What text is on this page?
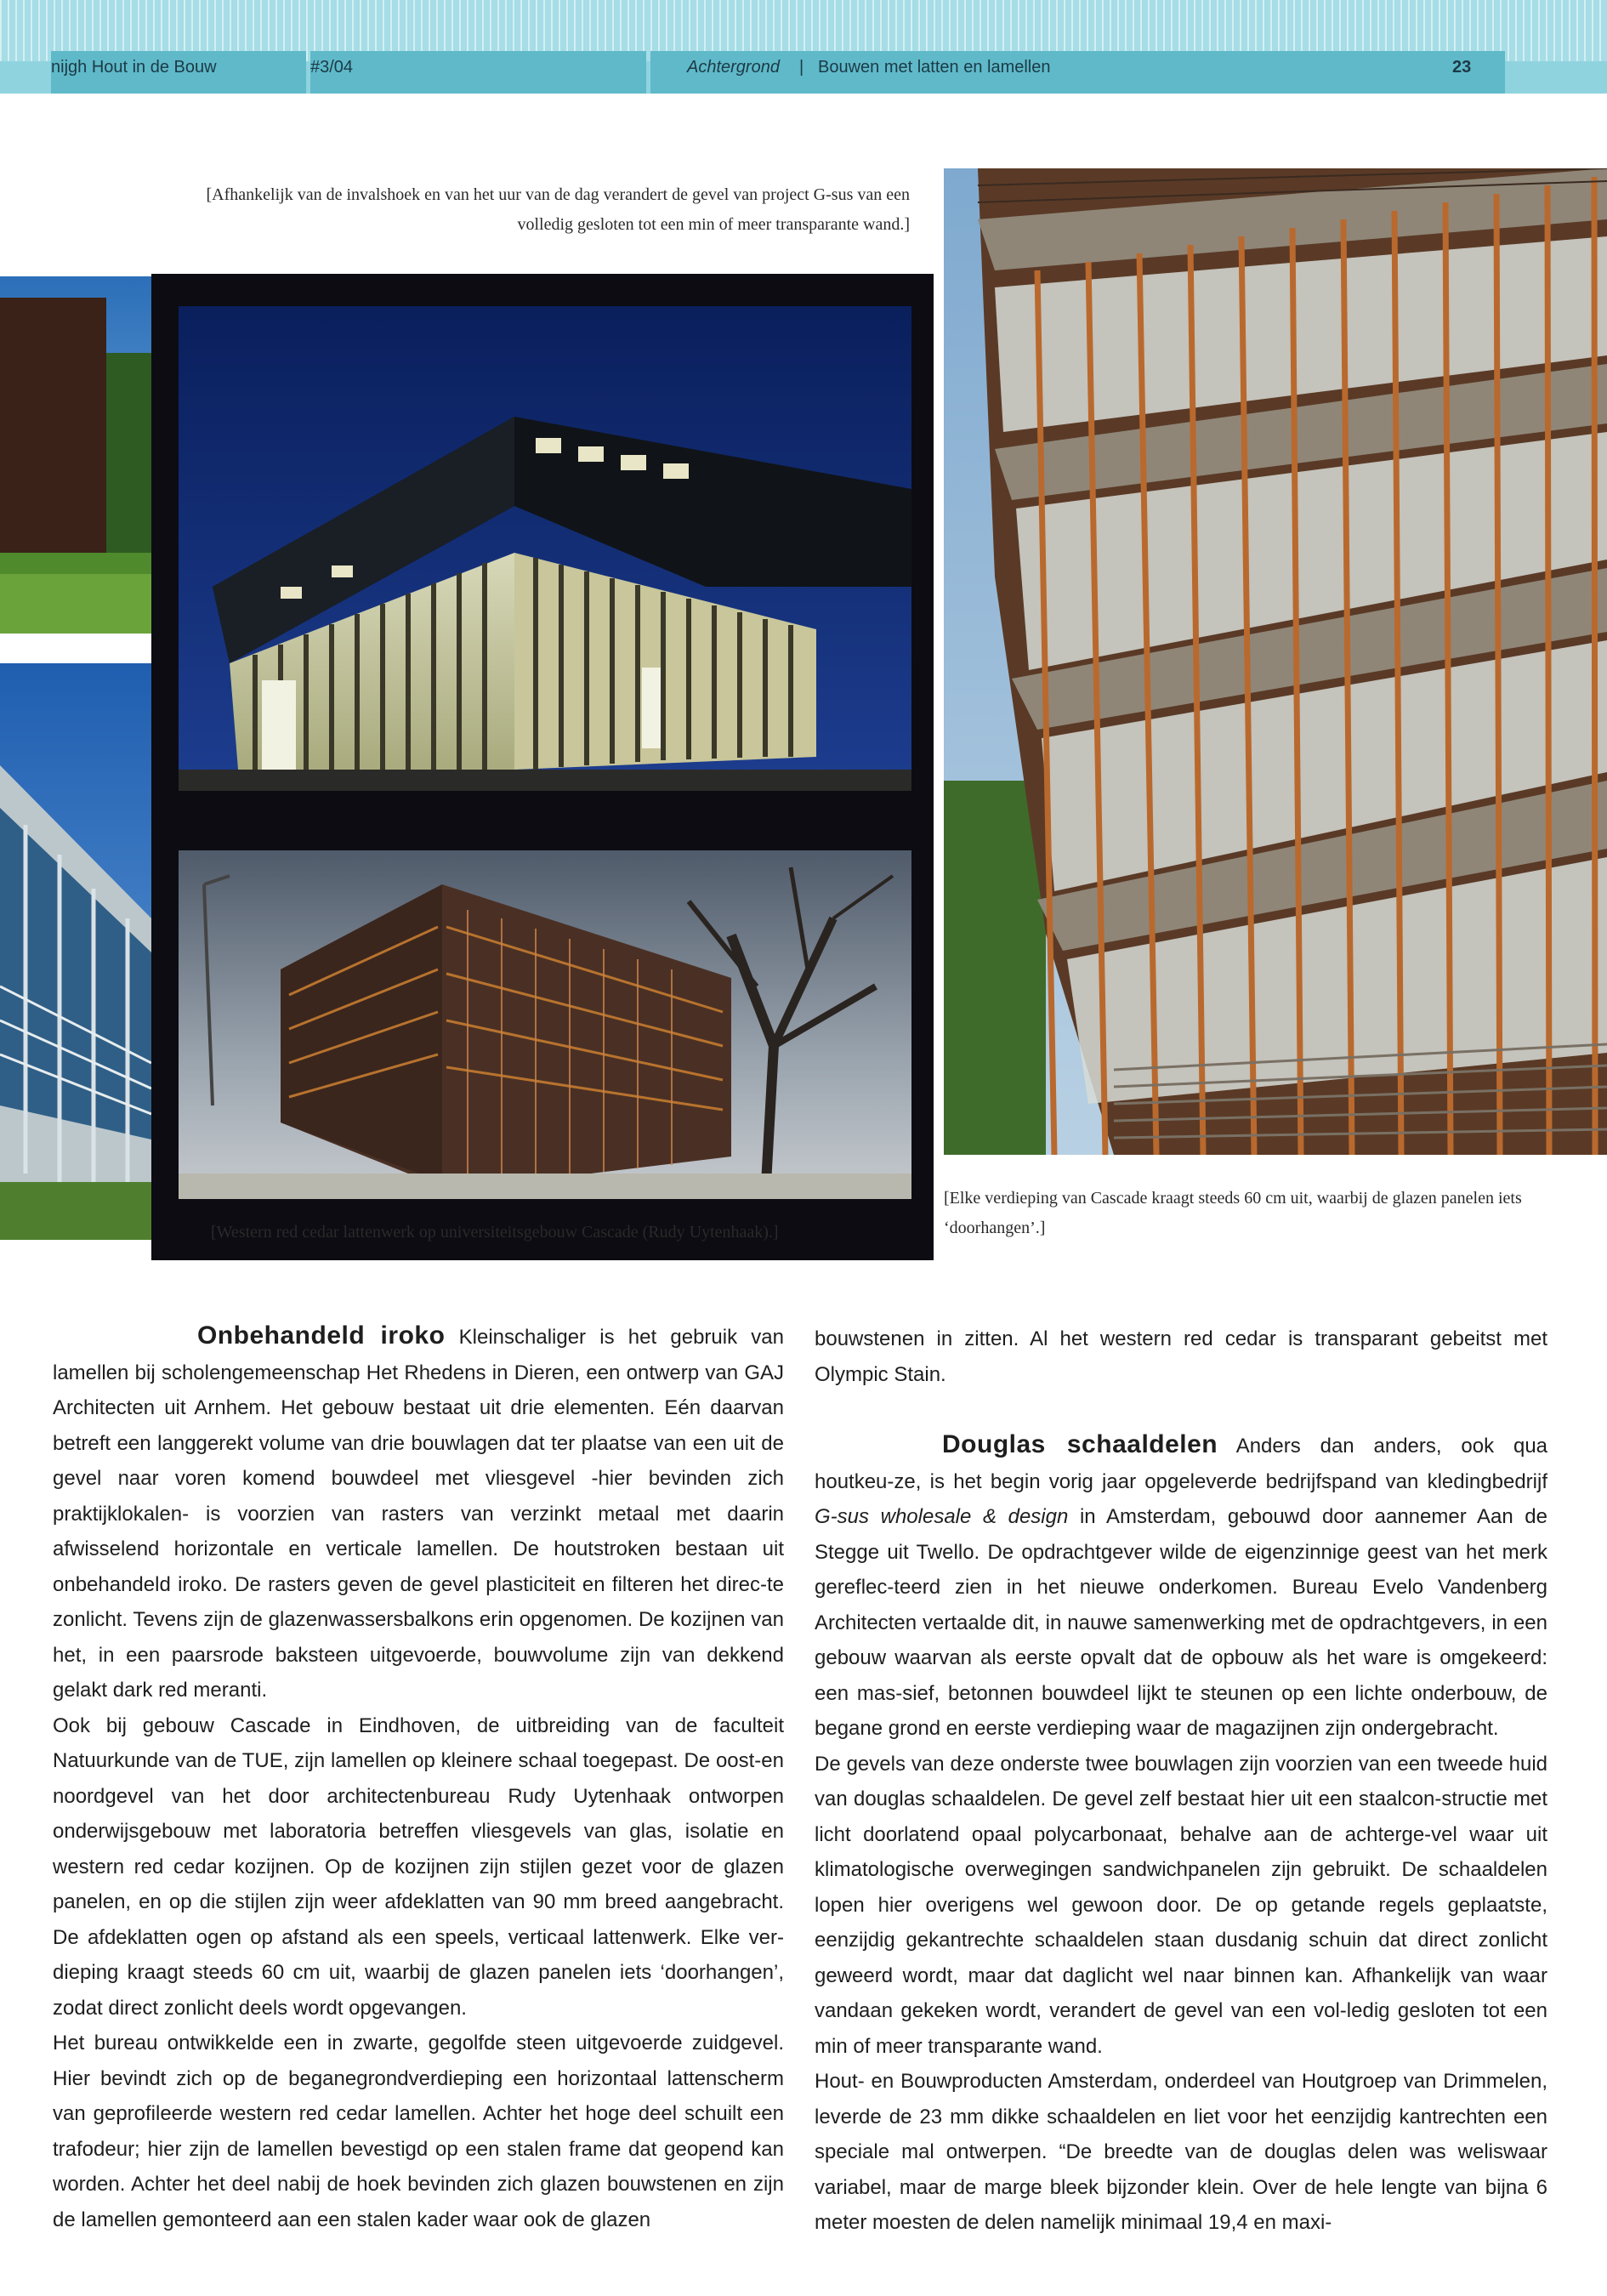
nijgh Hout in de Bouw	#3/04	Achtergrond | Bouwen met latten en lamellen	23
[Afhankelijk van de invalshoek en van het uur van de dag verandert de gevel van project G-sus van een volledig gesloten tot een min of meer transparante wand.]
[Western red cedar lattenwerk op universiteitsgebouw Cascade (Rudy Uytenhaak).]
[Elke verdieping van Cascade kraagt steeds 60 cm uit, waarbij de glazen panelen iets ‘doorhangen’.]

Onbehandeld iroko Kleinschaliger is het gebruik van lamellen bij scholengemeenschap Het Rhedens in Dieren, een ontwerp van GAJ Architecten uit Arnhem. Het gebouw bestaat uit drie elementen. Eén daarvan betreft een langgerekt volume van drie bouwlagen dat ter plaatse van een uit de gevel naar voren komend bouwdeel met vliesgevel -hier bevinden zich praktijklokalen- is voorzien van rasters van verzinkt metaal met daarin afwisselend horizontale en verticale lamellen. De houtstroken bestaan uit onbehandeld iroko. De rasters geven de gevel plasticiteit en filteren het direc-te zonlicht. Tevens zijn de glazenwassersbalkons erin opgenomen. De kozijnen van het, in een paarsrode baksteen uitgevoerde, bouwvolume zijn van dekkend gelakt dark red meranti.

Ook bij gebouw Cascade in Eindhoven, de uitbreiding van de faculteit Natuurkunde van de TUE, zijn lamellen op kleinere schaal toegepast. De oost-en noordgevel van het door architectenbureau Rudy Uytenhaak ontworpen onderwijsgebouw met laboratoria betreffen vliesgevels van glas, isolatie en western red cedar kozijnen. Op de kozijnen zijn stijlen gezet voor de glazen panelen, en op die stijlen zijn weer afdeklatten van 90 mm breed aangebracht. De afdeklatten ogen op afstand als een speels, verticaal lattenwerk. Elke ver-dieping kraagt steeds 60 cm uit, waarbij de glazen panelen iets ‘doorhangen’, zodat direct zonlicht deels wordt opgevangen.

Het bureau ontwikkelde een in zwarte, gegolfde steen uitgevoerde zuidgevel. Hier bevindt zich op de beganegrondverdieping een horizontaal lattenscherm van geprofileerde western red cedar lamellen. Achter het hoge deel schuilt een trafodeur; hier zijn de lamellen bevestigd op een stalen frame dat geopend kan worden. Achter het deel nabij de hoek bevinden zich glazen bouwstenen en zijn de lamellen gemonteerd aan een stalen kader waar ook de glazen

bouwstenen in zitten. Al het western red cedar is transparant gebeitst met Olympic Stain.

Douglas schaaldelen Anders dan anders, ook qua houtkeu-ze, is het begin vorig jaar opgeleverde bedrijfspand van kledingbedrijf G-sus wholesale & design in Amsterdam, gebouwd door aannemer Aan de Stegge uit Twello. De opdrachtgever wilde de eigenzinnige geest van het merk gereflec-teerd zien in het nieuwe onderkomen. Bureau Evelo Vandenberg Architecten vertaalde dit, in nauwe samenwerking met de opdrachtgevers, in een gebouw waarvan als eerste opvalt dat de opbouw als het ware is omgekeerd: een mas-sief, betonnen bouwdeel lijkt te steunen op een lichte onderbouw, de begane grond en eerste verdieping waar de magazijnen zijn ondergebracht.

De gevels van deze onderste twee bouwlagen zijn voorzien van een tweede huid van douglas schaaldelen. De gevel zelf bestaat hier uit een staalcon-structie met licht doorlatend opaal polycarbonaat, behalve aan de achterge-vel waar uit klimatologische overwegingen sandwichpanelen zijn gebruikt. De schaaldelen lopen hier overigens wel gewoon door. De op getande regels geplaatste, eenzijdig gekantrechte schaaldelen staan dusdanig schuin dat direct zonlicht geweerd wordt, maar dat daglicht wel naar binnen kan. Afhankelijk van waar vandaan gekeken wordt, verandert de gevel van een vol-ledig gesloten tot een min of meer transparante wand.

Hout- en Bouwproducten Amsterdam, onderdeel van Houtgroep van Drimmelen, leverde de 23 mm dikke schaaldelen en liet voor het eenzijdig kantrechten een speciale mal ontwerpen. “De breedte van de douglas delen was weliswaar variabel, maar de marge bleek bijzonder klein. Over de hele lengte van bijna 6 meter moesten de delen namelijk minimaal 19,4 en maxi-
